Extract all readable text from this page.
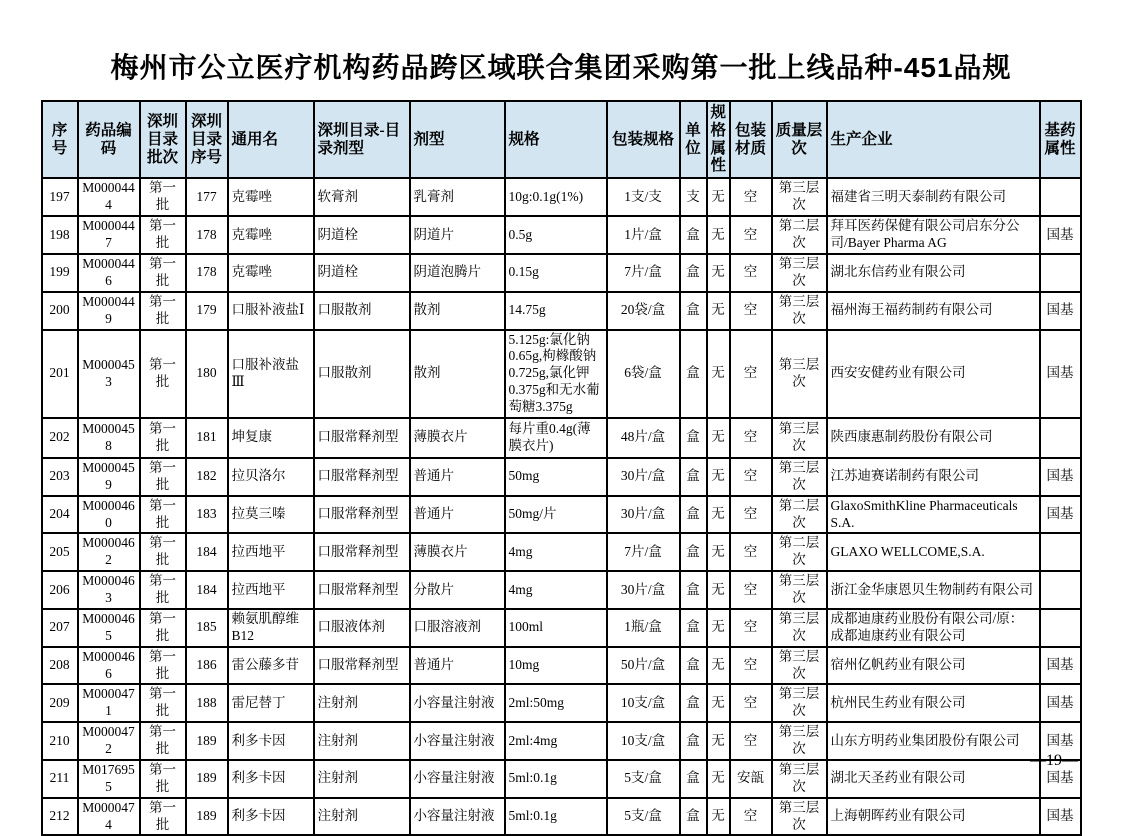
梅州市公立医疗机构药品跨区域联合集团采购第一批上线品种-451品规
序号	药品编码	深圳目录批次	深圳目录序号	通用名	深圳目录-目录剂型	剂型	规格	包装规格	单位	规格属性	包装材质	质量层次	生产企业	基药属性
197	M0000444	第一批	177	克霉唑	软膏剂	乳膏剂	10g:0.1g(1%)	1支/支	支	无	空	第三层次	福建省三明天泰制药有限公司	
198	M0000447	第一批	178	克霉唑	阴道栓	阴道片	0.5g	1片/盒	盒	无	空	第二层次	拜耳医药保健有限公司启东分公司/Bayer Pharma AG	国基
199	M0000446	第一批	178	克霉唑	阴道栓	阴道泡腾片	0.15g	7片/盒	盒	无	空	第三层次	湖北东信药业有限公司	
200	M0000449	第一批	179	口服补液盐Ⅰ	口服散剂	散剂	14.75g	20袋/盒	盒	无	空	第三层次	福州海王福药制药有限公司	国基
201	M0000453	第一批	180	口服补液盐Ⅲ	口服散剂	散剂	5.125g:氯化钠0.65g,枸橼酸钠0.725g,氯化钾0.375g和无水葡萄糖3.375g	6袋/盒	盒	无	空	第三层次	西安安健药业有限公司	国基
202	M0000458	第一批	181	坤复康	口服常释剂型	薄膜衣片	每片重0.4g(薄膜衣片)	48片/盒	盒	无	空	第三层次	陕西康惠制药股份有限公司	
203	M0000459	第一批	182	拉贝洛尔	口服常释剂型	普通片	50mg	30片/盒	盒	无	空	第三层次	江苏迪赛诺制药有限公司	国基
204	M0000460	第一批	183	拉莫三嗪	口服常释剂型	普通片	50mg/片	30片/盒	盒	无	空	第二层次	GlaxoSmithKline Pharmaceuticals S.A.	国基
205	M0000462	第一批	184	拉西地平	口服常释剂型	薄膜衣片	4mg	7片/盒	盒	无	空	第二层次	GLAXO WELLCOME,S.A.	
206	M0000463	第一批	184	拉西地平	口服常释剂型	分散片	4mg	30片/盒	盒	无	空	第三层次	浙江金华康恩贝生物制药有限公司	
207	M0000465	第一批	185	赖氨肌醇维B12	口服液体剂	口服溶液剂	100ml	1瓶/盒	盒	无	空	第三层次	成都迪康药业股份有限公司/原：成都迪康药业有限公司	
208	M0000466	第一批	186	雷公藤多苷	口服常释剂型	普通片	10mg	50片/盒	盒	无	空	第三层次	宿州亿帆药业有限公司	国基
209	M0000471	第一批	188	雷尼替丁	注射剂	小容量注射液	2ml:50mg	10支/盒	盒	无	空	第三层次	杭州民生药业有限公司	国基
210	M0000472	第一批	189	利多卡因	注射剂	小容量注射液	2ml:4mg	10支/盒	盒	无	空	第三层次	山东方明药业集团股份有限公司	国基
211	M0176955	第一批	189	利多卡因	注射剂	小容量注射液	5ml:0.1g	5支/盒	盒	无	安瓿	第三层次	湖北天圣药业有限公司	国基
212	M0000474	第一批	189	利多卡因	注射剂	小容量注射液	5ml:0.1g	5支/盒	盒	无	空	第三层次	上海朝晖药业有限公司	国基
—19—
